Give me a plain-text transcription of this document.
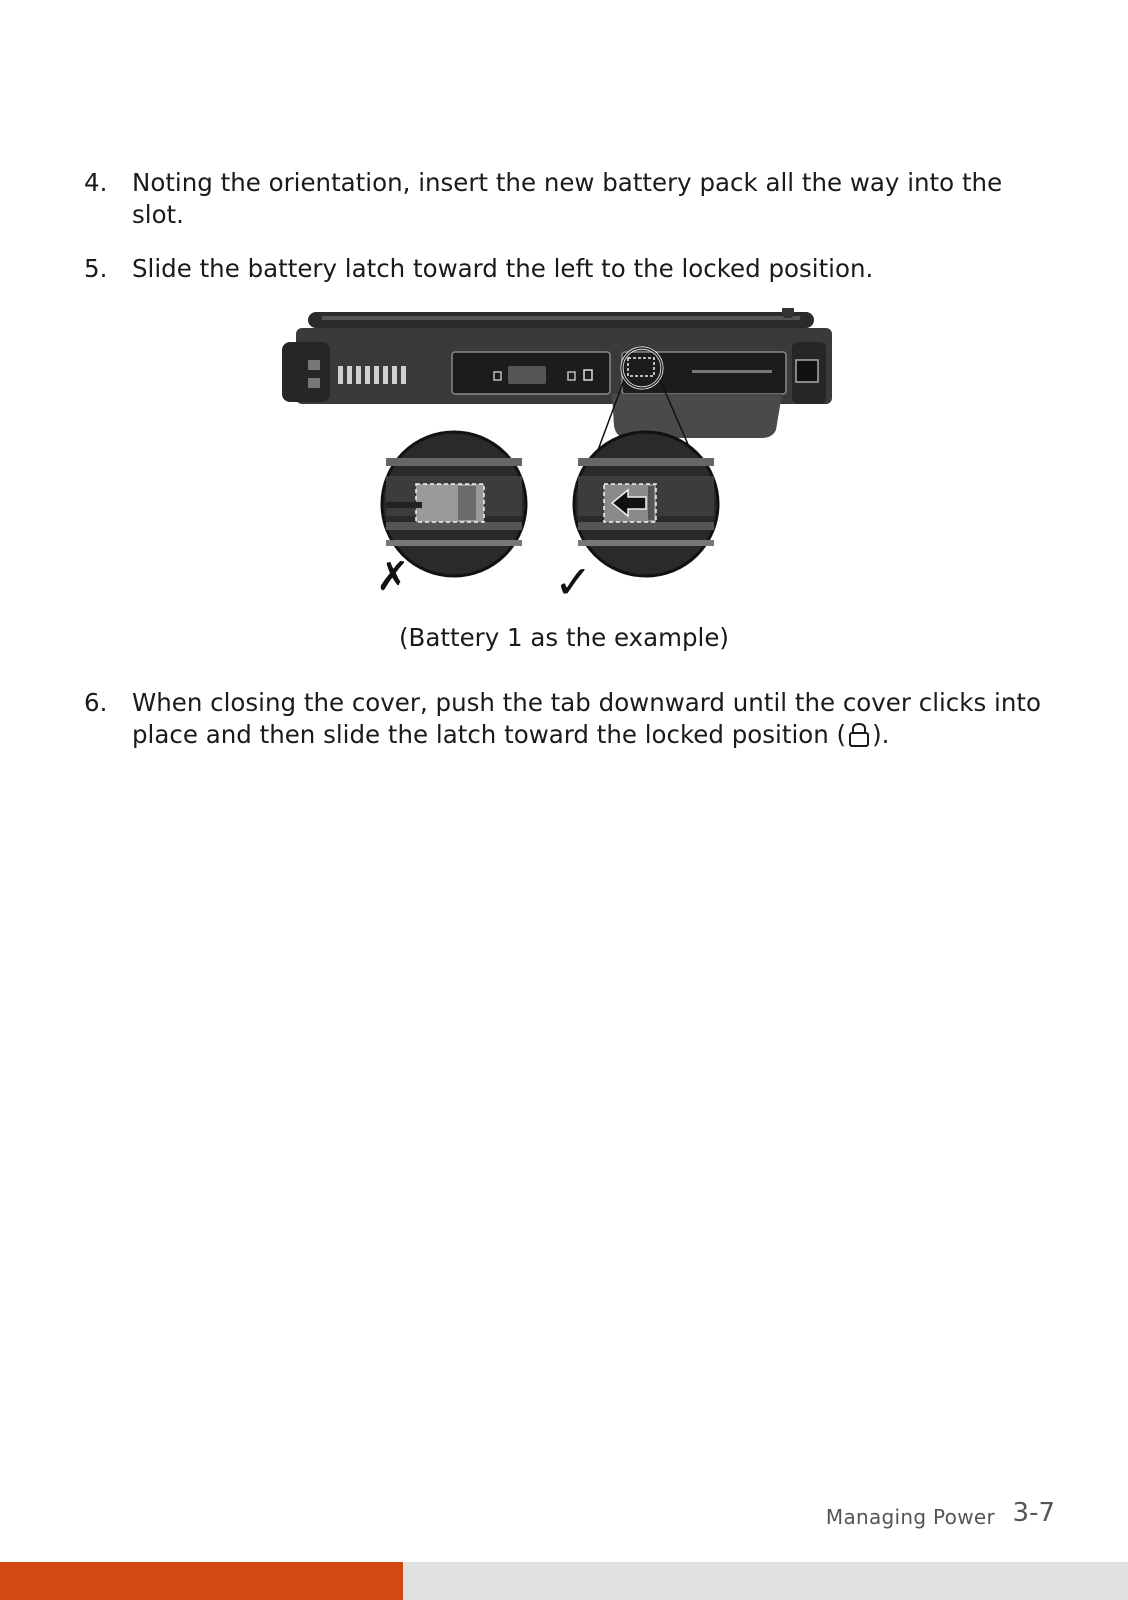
4.	Noting the orientation, insert the new battery pack all the way into the slot.
5.	Slide the battery latch toward the left to the locked position.
✗	✓
(Battery 1 as the example)
6.	When closing the cover, push the tab downward until the cover clicks into place and then slide the latch toward the locked position ( ).
Managing Power 3-7
